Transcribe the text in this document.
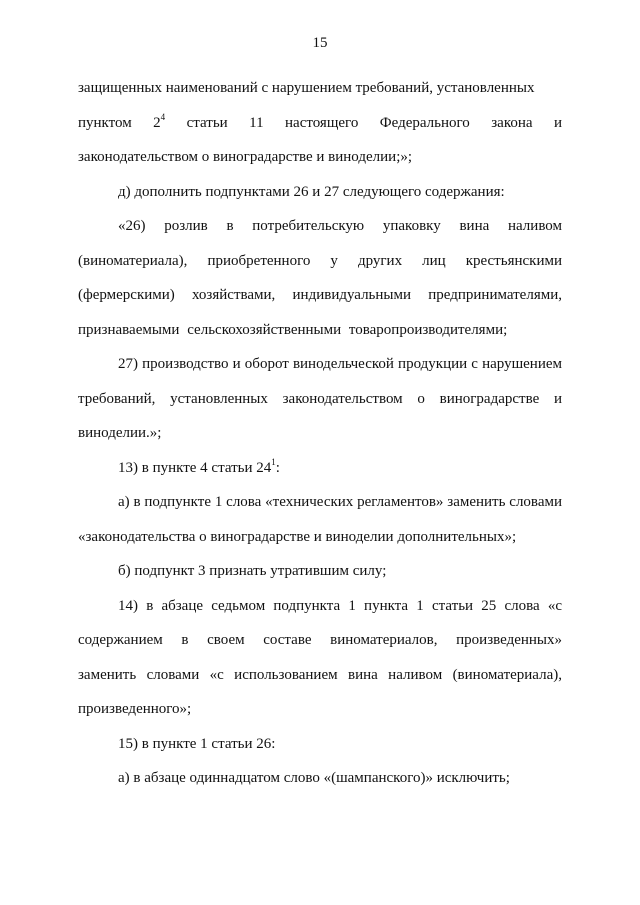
15

защищенных наименований с нарушением требований, установленных
пунктом $2^4$ статьи 11 настоящего Федерального закона и
законодательством о виноградарстве и виноделии;»;

д) дополнить подпунктами 26 и 27 следующего содержания:

«26) розлив в потребительскую упаковку вина наливом (виноматериала), приобретенного у других лиц крестьянскими (фермерскими) хозяйствами, индивидуальными предпринимателями, признаваемыми сельскохозяйственными товаропроизводителями;

27) производство и оборот винодельческой продукции с нарушением требований, установленных законодательством о виноградарстве и виноделии.»;

13) в пункте 4 статьи $24^1$:

а) в подпункте 1 слова «технических регламентов» заменить словами «законодательства о виноградарстве и виноделии дополнительных»;

б) подпункт 3 признать утратившим силу;

14) в абзаце седьмом подпункта 1 пункта 1 статьи 25 слова «с содержанием в своем составе виноматериалов, произведенных» заменить словами «с использованием вина наливом (виноматериала), произведенного»;

15) в пункте 1 статьи 26:

а) в абзаце одиннадцатом слово «(шампанского)» исключить;
